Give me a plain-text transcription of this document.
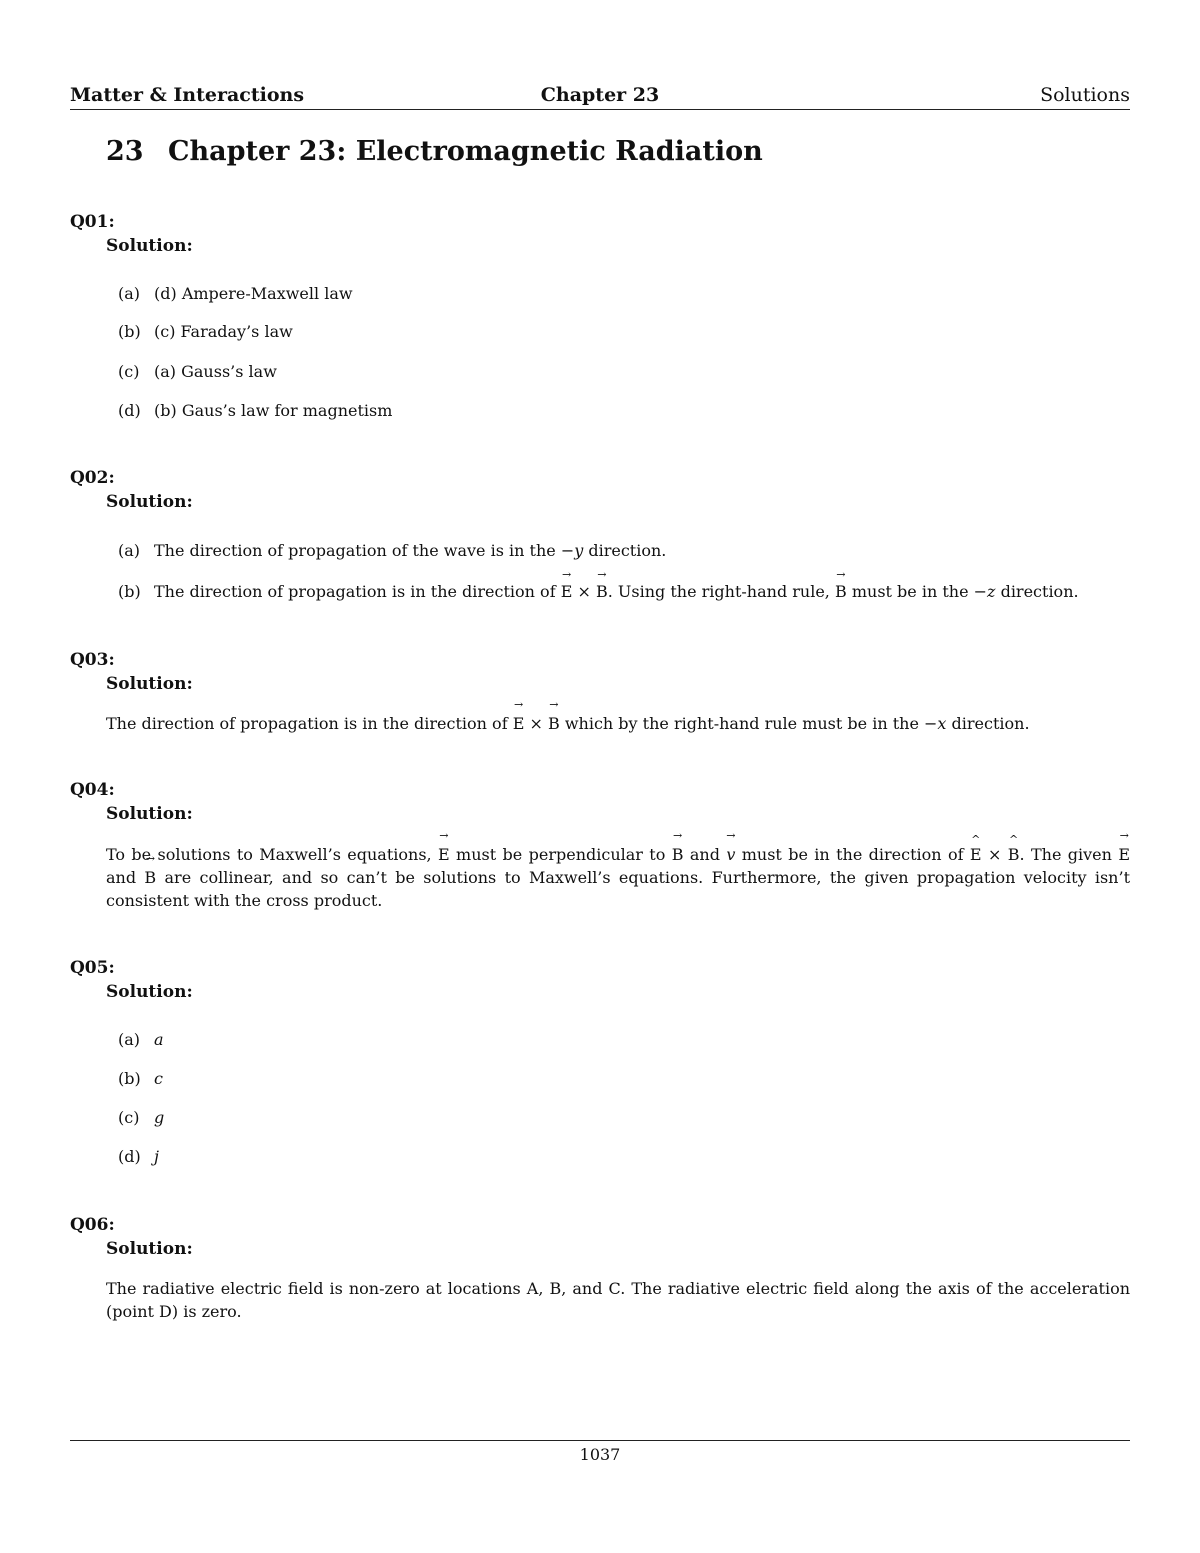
Chapter 23
Matter & Interactions	Solutions
23 Chapter 23: Electromagnetic Radiation
Q01:
Solution:
(a) (d) Ampere-Maxwell law
(b) (c) Faraday’s law
(c) (a) Gauss’s law
(d) (b) Gaus’s law for magnetism
Q02:
Solution:
(a) The direction of propagation of the wave is in the −y direction.
(b) The direction of propagation is in the direction of → E × → B. Using the right-hand rule, → B must be in the −z direction.
Q03:
Solution:
The direction of propagation is in the direction of → E × → B which by the right-hand rule must be in the −x direction.
Q04:
Solution:
To be solutions to Maxwell’s equations, → E must be perpendicular to → B and → v must be in the direction of ^ E × ^ B. The given → E and → B are collinear, and so can’t be solutions to Maxwell’s equations. Furthermore, the given propagation velocity isn’t consistent with the cross product.
Q05:
Solution:
(a) a
(b) c
(c) g
(d) j
Q06:
Solution:
The radiative electric field is non-zero at locations A, B, and C. The radiative electric field along the axis of the acceleration (point D) is zero.
1037
